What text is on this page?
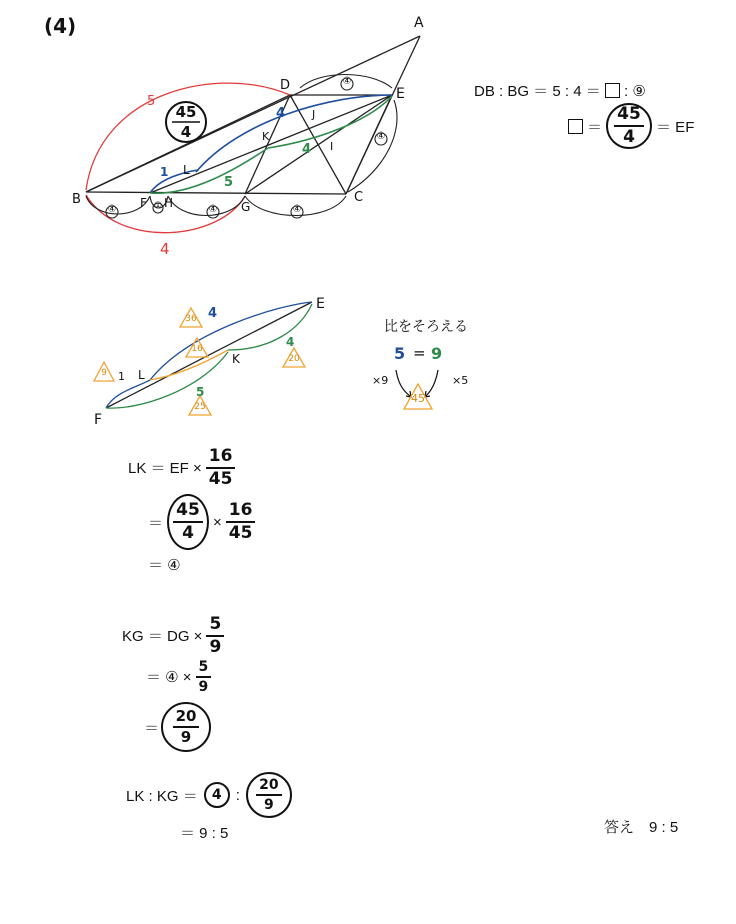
(4)	A
D
E
B	C
F H	G
K
I
J
L
5
4
45
4
1
4
5
4
④
④
④	①	④	④
DB : BG ＝ 5 : 4 ＝ : ⑨
＝ $\frac{45}{4}$ ＝ EF
E
F
L
K
4
36
16	4
20
9	1
5
25
比をそろえる
5 = 9
×9	×5
45
LK ＝ EF × $\frac{16}{45}$
＝ $\frac{45}{4} \times \frac{16}{45}$
＝ ④
KG ＝ DG × $\frac{5}{9}$
＝ ④ × $\frac{5}{9}$
＝ $\frac{20}{9}$
LK : KG ＝	4 : $\frac{20}{9}$
＝ 9 : 5	答え　9 : 5
